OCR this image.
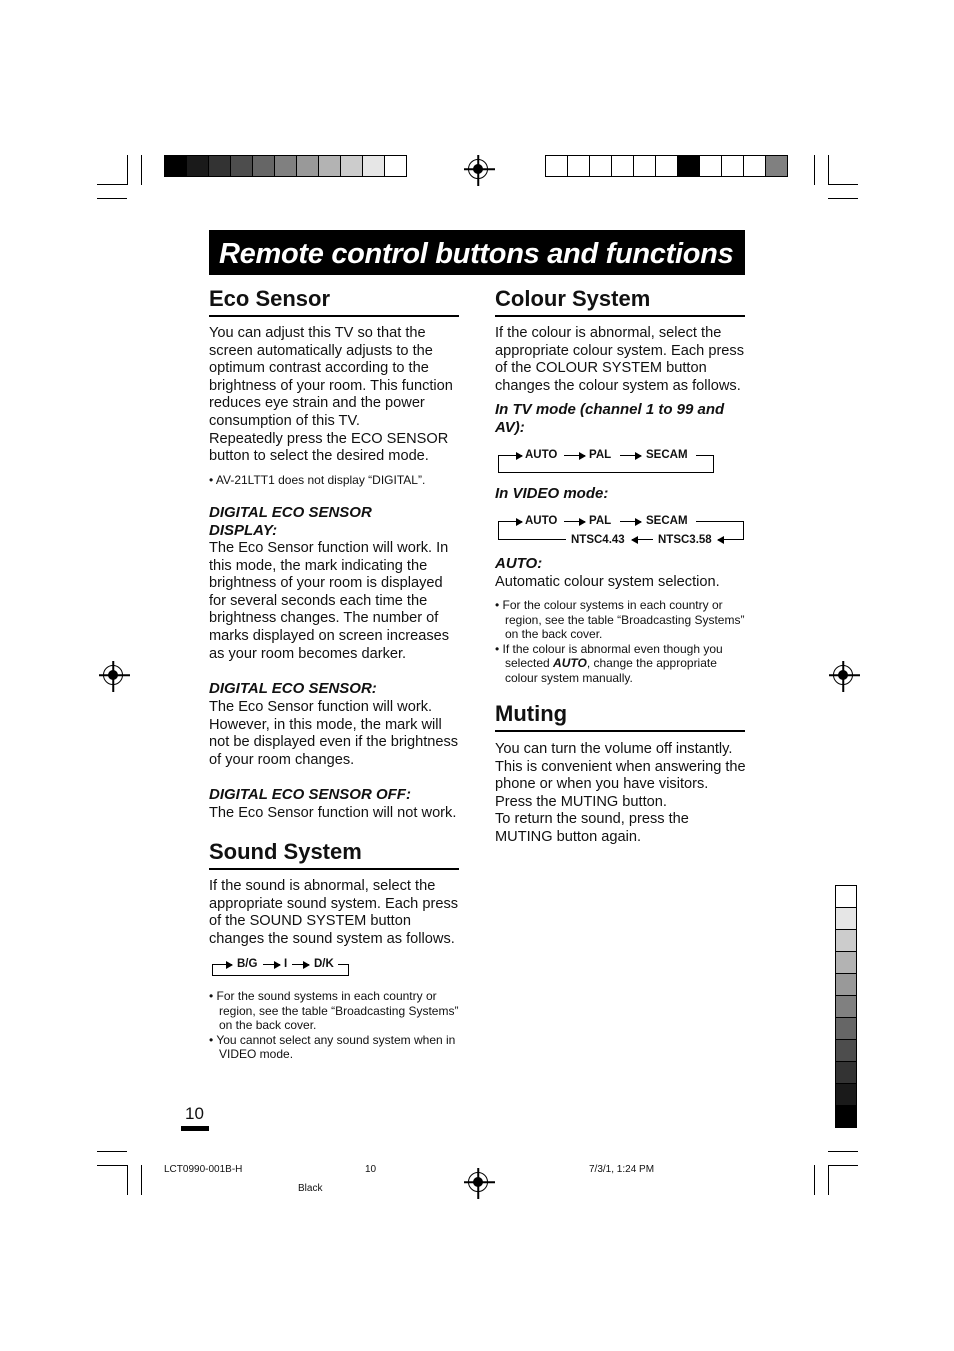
Remote control buttons and functions
Eco Sensor

You can adjust this TV so that the screen automatically adjusts to the optimum contrast according to the brightness of your room. This function reduces eye strain and the power consumption of this TV.

Repeatedly press the ECO SENSOR button to select the desired mode.

• AV-21LTT1 does not display “DIGITAL”.
DIGITAL ECO SENSOR DISPLAY:
The Eco Sensor function will work. In this mode, the mark indicating the brightness of your room is displayed for several seconds each time the brightness changes. The number of marks displayed on screen increases as your room becomes darker.
DIGITAL ECO SENSOR:
The Eco Sensor function will work. However, in this mode, the mark will not be displayed even if the brightness of your room changes.
DIGITAL ECO SENSOR OFF:
The Eco Sensor function will not work.
Sound System
If the sound is abnormal, select the appropriate sound system. Each press of the SOUND SYSTEM button changes the sound system as follows.
B/G I D/K
• For the sound systems in each country or region, see the table “Broadcasting Systems” on the back cover.
• You cannot select any sound system when in VIDEO mode.
Colour System
If the colour is abnormal, select the appropriate colour system. Each press of the COLOUR SYSTEM button changes the colour system as follows.
In TV mode (channel 1 to 99 and AV):
AUTO	PAL	SECAM
In VIDEO mode:
AUTO	PAL	SECAM
NTSC3.58
NTSC4.43
AUTO:
Automatic colour system selection.
• For the colour systems in each country or region, see the table “Broadcasting Systems” on the back cover.
• If the colour is abnormal even though you selected AUTO, change the appropriate colour system manually.
Muting

You can turn the volume off instantly. This is convenient when answering the phone or when you have visitors.

Press the MUTING button.

To return the sound, press the MUTING button again.

10
LCT0990-001B-H	10	7/3/1, 1:24 PM
Black
